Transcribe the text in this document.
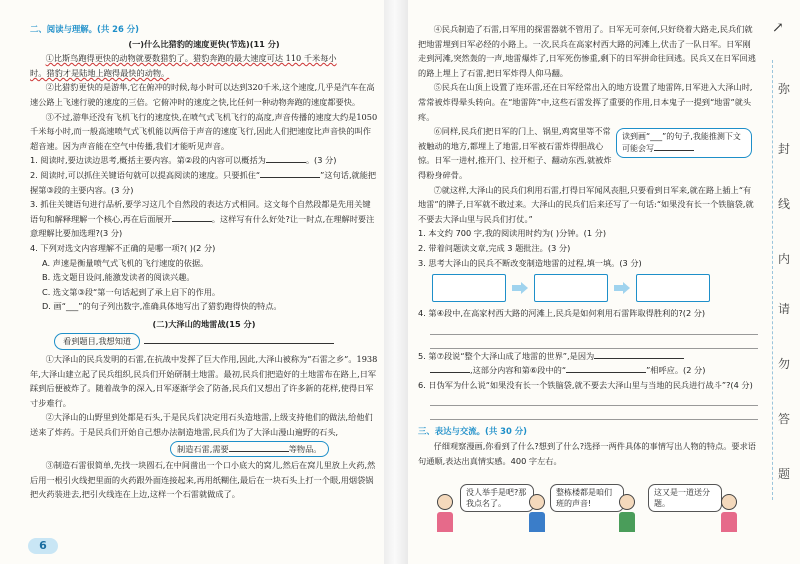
二、阅读与理解。(共 26 分)
(一)什么比猎豹的速度更快(节选)(11 分)
①比斯鸟跑得更快的动物就要数猎豹了。猎豹奔跑的最大速度可达 110 千米每小
时。猎豹才是陆地上跑得最快的动物。
②比猎豹更快的是游隼,它在俯冲的时候,每小时可以达到320千米,这个速度,几乎是汽车在高速公路上飞速行驶的速度的三倍。它俯冲时的速度之快,比任何一种动物奔跑的速度都要快。
③不过,游隼还没有飞机飞行的速度快,在喷气式飞机飞行的高度,声音传播的速度大约是1050千米每小时,而一般高速喷气式飞机能以两倍于声音的速度飞行,因此人们把速度比声音快的叫作超音速。因为声音能在空气中传播,我们才能听见声音。
1. 阅读时,要边读边思考,概括主要内容。第②段的内容可以概括为	。(3 分)
2. 阅读时,可以抓住关键语句就可以提高阅读的速度。只要抓住“	”这句话,就能把握第③段的主要内容。(3 分)
3. 抓住关键语句进行品析,要学习这几个自然段的表达方式相同。这文每个自然段都是先用关键语句和解释理解一个核心,再在后面展开	。这样写有什么好处?让一时点,在理解时要注意理解比要加选理?(3 分)
4. 下列对选文内容理解不正确的是哪一项?( )(2 分)
A. 声速是衡量喷气式飞机的飞行速度的依据。
B. 选文题目设问,能激发读者的阅读兴趣。
C. 选文第③段“第一句话起到了承上启下的作用。
D. 画“___”的句子列出数字,准确具体地写出了猎豹跑得快的特点。
(二)大泽山的地雷战(15 分)
看到题目,我想知道
①大泽山的民兵发明的石雷,在抗战中发挥了巨大作用,因此,大泽山被称为“石雷之乡”。1938年,大泽山建立起了民兵组织,民兵们开始研制土地雷。最初,民兵们把造好的土地雷布在路上,日军踩到后便被炸了。随着战争的深入,日军逐渐学会了防备,民兵们又想出了许多新的花样,使得日军寸步难行。
②大泽山的山野里到处都是石头,于是民兵们决定用石头造地雷,上级支持他们的做法,给他们送来了炸药。于是民兵们开始自己想办法制造地雷,民兵们为了大泽山漫山遍野的石头,
制造石雷,需要	等物品。
③制造石雷很简单,先找一块圆石,在中间凿出一个口小底大的窝儿,然后在窝儿里放上火药,然后用一根引火线把里面的火药跟外面连接起来,再用纸糊住,最后在一块石头上打一个眼,用烟袋锅把火药装进去,把引火线连在上边,这样一个石雷就做成了。
④民兵制造了石雷,日军用的探雷器就不管用了。日军无可奈何,只好绕着大路走,民兵们就把地雷埋到日军必经的小路上。一次,民兵在高家村西大路的河滩上,伏击了一队日军。日军刚走到河滩,突然轰的一声,地雷爆炸了,日军死伤惨重,剩下的日军拼命往回逃。民兵又在日军回逃的路上埋上了石雷,把日军炸得人仰马翻。
⑤民兵在山顶上设置了连环雷,还在日军经常出入的地方设置了地雷阵,日军进入大泽山时,常常被炸得晕头转向。在“地雷阵”中,这些石雷发挥了重要的作用,日本鬼子一提到“地雷”就头疼。
⑥同样,民兵们把日军的门上、锅里,鸡窝里等不常被触动的地方,都埋上了地雷,日军被石雷炸得胆战心惊。日军一进村,推开门、拉开柜子、翻动东西,就被炸得粉身碎骨。
读到画“___”的句子,我能推测下文可能会写
⑦就这样,大泽山的民兵们利用石雷,打得日军闻风丧胆,只要看到日军来,就在路上插上“有地雷”的牌子,日军就不敢过来。大泽山的民兵们后来还写了一句话:“如果没有长一个铁脑袋,就不要去大泽山里与民兵们打仗。”
1. 本文约 700 字,我的阅读用时约为( )分钟。(1 分)
2. 带着问题读文章,完成 3 题批注。(3 分)
3. 思考大泽山的民兵不断改变制造地雷的过程,填一填。(3 分)
4. 第④段中,在高家村西大路的河滩上,民兵是如何利用石雷阵取得胜利的?(2 分)
5. 第⑦段说“整个大泽山成了地雷的世界”,是因为
,这部分内容和第⑥段中的“	”相呼应。(2 分)
6. 日伪军为什么说“如果没有长一个铁脑袋,就不要去大泽山里与当地的民兵进行战斗”?(4 分)
三、表达与交流。(共 30 分)
仔细观察漫画,你看到了什么?想到了什么?选择一两件具体的事情写出人物的特点。要求语句通顺,表达出真情实感。400 字左右。
没人举手是吧?那我点名了。
整栋楼都是咱们班的声音!
这又是一道送分题。
↗
弥
封
线
内
请
勿
答
题
6
